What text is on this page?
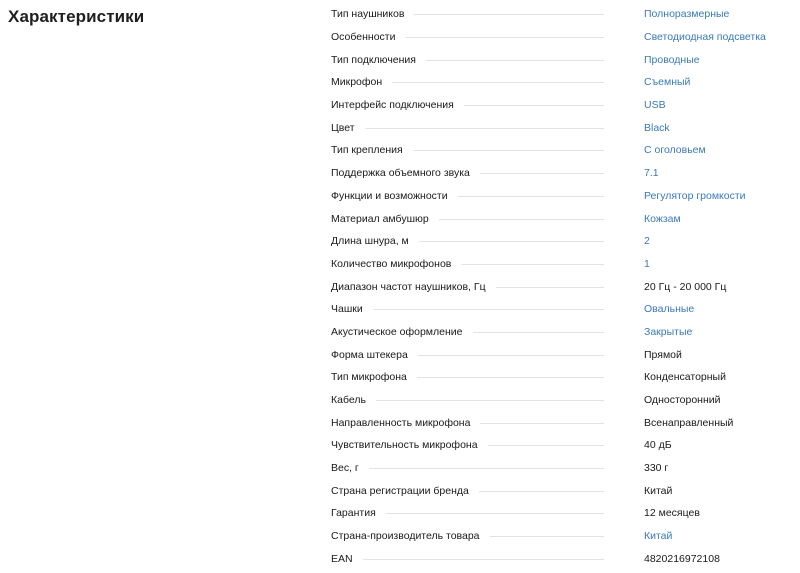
Характеристики	Тип наушников	Полноразмерные
Особенности	Светодиодная подсветка
Тип подключения	Проводные
Микрофон	Съемный
Интерфейс подключения	USB
Цвет	Black
Тип крепления	С оголовьем
Поддержка объемного звука	7.1
Функции и возможности	Регулятор громкости
Материал амбушюр	Кожзам
Длина шнура, м	2
Количество микрофонов	1
Диапазон частот наушников, Гц	20 Гц - 20 000 Гц
Чашки	Овальные
Акустическое оформление	Закрытые
Форма штекера	Прямой
Тип микрофона	Конденсаторный
Кабель	Односторонний
Направленность микрофона	Всенаправленный
Чувствительность микрофона	40 дБ
Вес, г	330 г
Страна регистрации бренда	Китай
Гарантия	12 месяцев
Страна-производитель товара	Китай
EAN	4820216972108
